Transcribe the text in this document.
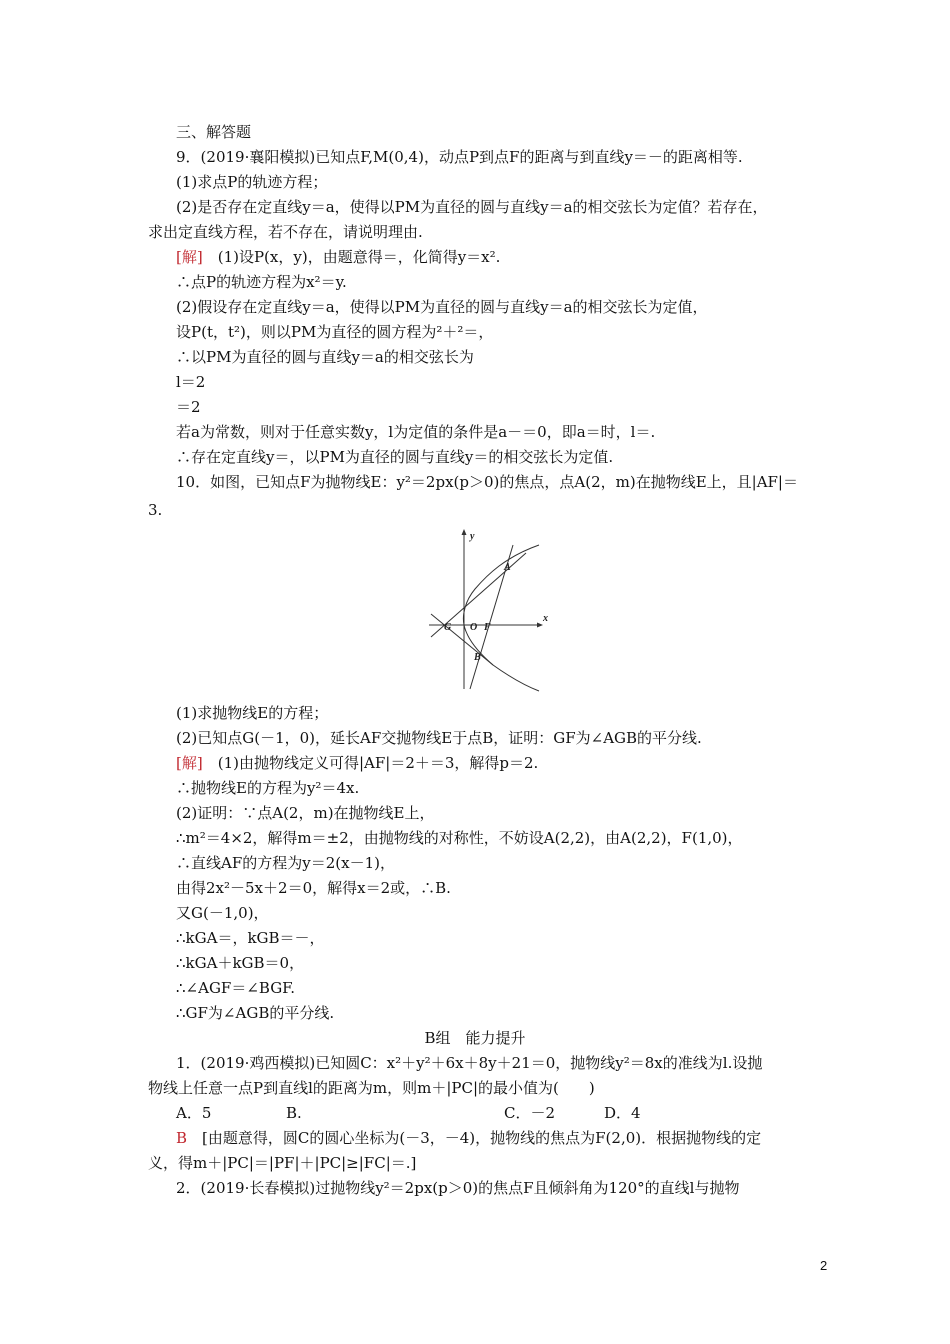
三、解答题
9．(2019·襄阳模拟)已知点F,M(0,4)，动点P到点F的距离与到直线y＝－的距离相等.
(1)求点P的轨迹方程；
(2)是否存在定直线y＝a，使得以PM为直径的圆与直线y＝a的相交弦长为定值？若存在，
求出定直线方程，若不存在，请说明理由.
[解]　(1)设P(x，y)，由题意得＝，化简得y＝x².
∴点P的轨迹方程为x²＝y.
(2)假设存在定直线y＝a，使得以PM为直径的圆与直线y＝a的相交弦长为定值，
设P(t，t²)，则以PM为直径的圆方程为²＋²＝，
∴以PM为直径的圆与直线y＝a的相交弦长为
l＝2
＝2
若a为常数，则对于任意实数y，l为定值的条件是a－＝0，即a＝时，l＝.
∴存在定直线y＝，以PM为直径的圆与直线y＝的相交弦长为定值.
10．如图，已知点F为抛物线E：y²＝2px(p＞0)的焦点，点A(2，m)在抛物线E上，且|AF|＝
3.
y
x
A
G O F
B
(1)求抛物线E的方程；
(2)已知点G(－1，0)，延长AF交抛物线E于点B，证明：GF为∠AGB的平分线.
[解]　(1)由抛物线定义可得|AF|＝2＋＝3，解得p＝2.
∴抛物线E的方程为y²＝4x.
(2)证明：∵点A(2，m)在抛物线E上，
∴m²＝4×2，解得m＝±2，由抛物线的对称性，不妨设A(2,2)，由A(2,2)，F(1,0)，
∴直线AF的方程为y＝2(x－1)，
由得2x²－5x＋2＝0，解得x＝2或，∴B.
又G(－1,0)，
∴kGA＝，kGB＝－，
∴kGA＋kGB＝0，
∴∠AGF＝∠BGF.
∴GF为∠AGB的平分线.
B组　能力提升
1．(2019·鸡西模拟)已知圆C：x²＋y²＋6x＋8y＋21＝0，抛物线y²＝8x的准线为l.设抛
物线上任意一点P到直线l的距离为m，则m＋|PC|的最小值为(　　)
A．5	B.	C．－2	D．4
B　[由题意得，圆C的圆心坐标为(－3，－4)，抛物线的焦点为F(2,0)．根据抛物线的定
义，得m＋|PC|＝|PF|＋|PC|≥|FC|＝.]
2．(2019·长春模拟)过抛物线y²＝2px(p＞0)的焦点F且倾斜角为120°的直线l与抛物
2
